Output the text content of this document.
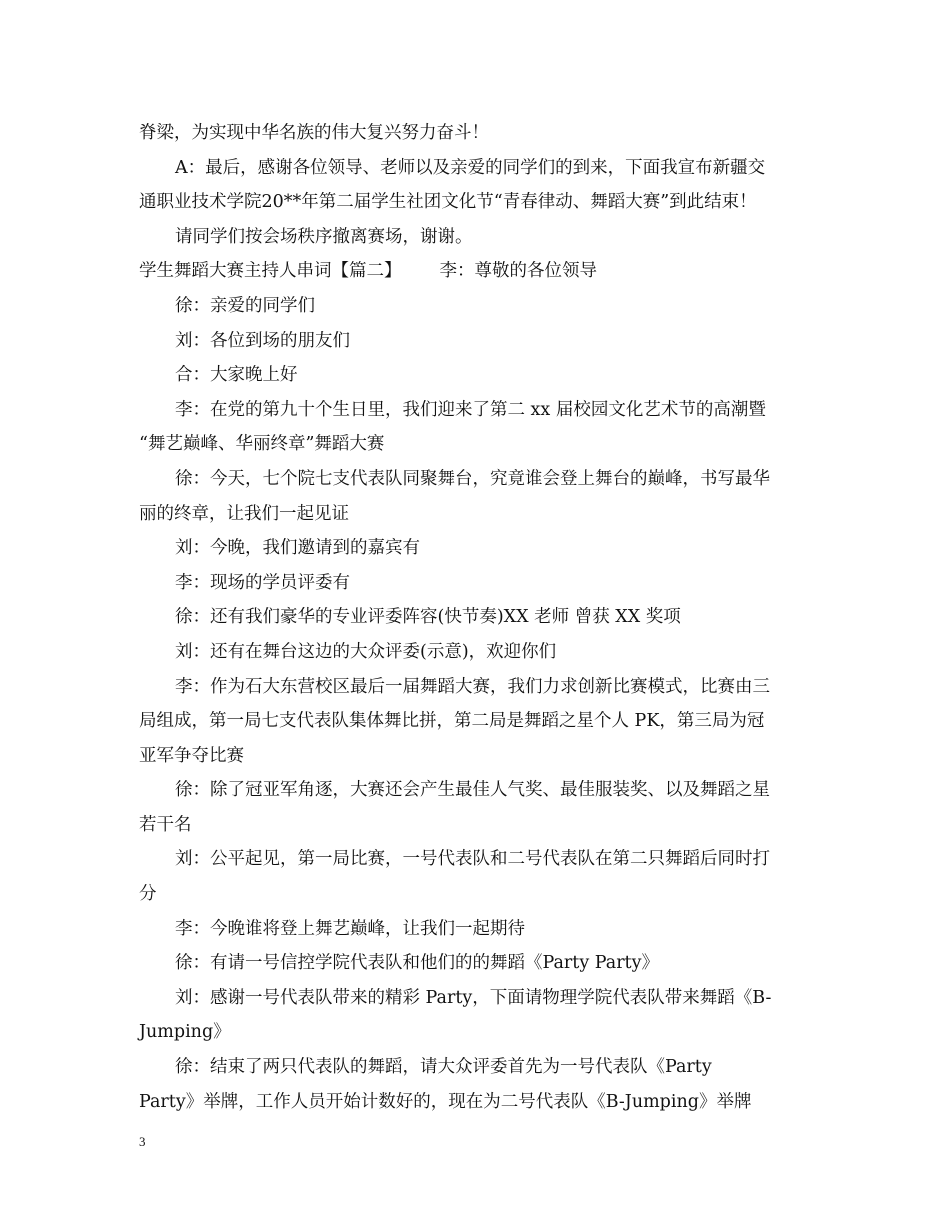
脊梁，为实现中华名族的伟大复兴努力奋斗！
A：最后，感谢各位领导、老师以及亲爱的同学们的到来，下面我宣布新疆交
通职业技术学院20**年第二届学生社团文化节“青春律动、舞蹈大赛”到此结束！
请同学们按会场秩序撤离赛场，谢谢。
学生舞蹈大赛主持人串词【篇二】 李：尊敬的各位领导
徐：亲爱的同学们
刘：各位到场的朋友们
合：大家晚上好
李：在党的第九十个生日里，我们迎来了第二 xx 届校园文化艺术节的高潮暨
“舞艺巅峰、华丽终章”舞蹈大赛
徐：今天，七个院七支代表队同聚舞台，究竟谁会登上舞台的巅峰，书写最华
丽的终章，让我们一起见证
刘：今晚，我们邀请到的嘉宾有
李：现场的学员评委有
徐：还有我们豪华的专业评委阵容(快节奏)XX 老师 曾获 XX 奖项
刘：还有在舞台这边的大众评委(示意)，欢迎你们
李：作为石大东营校区最后一届舞蹈大赛，我们力求创新比赛模式，比赛由三
局组成，第一局七支代表队集体舞比拼，第二局是舞蹈之星个人 PK，第三局为冠
亚军争夺比赛
徐：除了冠亚军角逐，大赛还会产生最佳人气奖、最佳服装奖、以及舞蹈之星
若干名
刘：公平起见，第一局比赛，一号代表队和二号代表队在第二只舞蹈后同时打
分
李：今晚谁将登上舞艺巅峰，让我们一起期待
徐：有请一号信控学院代表队和他们的的舞蹈《Party Party》
刘：感谢一号代表队带来的精彩 Party，下面请物理学院代表队带来舞蹈《B-
Jumping》
徐：结束了两只代表队的舞蹈，请大众评委首先为一号代表队《Party
Party》举牌，工作人员开始计数好的，现在为二号代表队《B-Jumping》举牌
3
